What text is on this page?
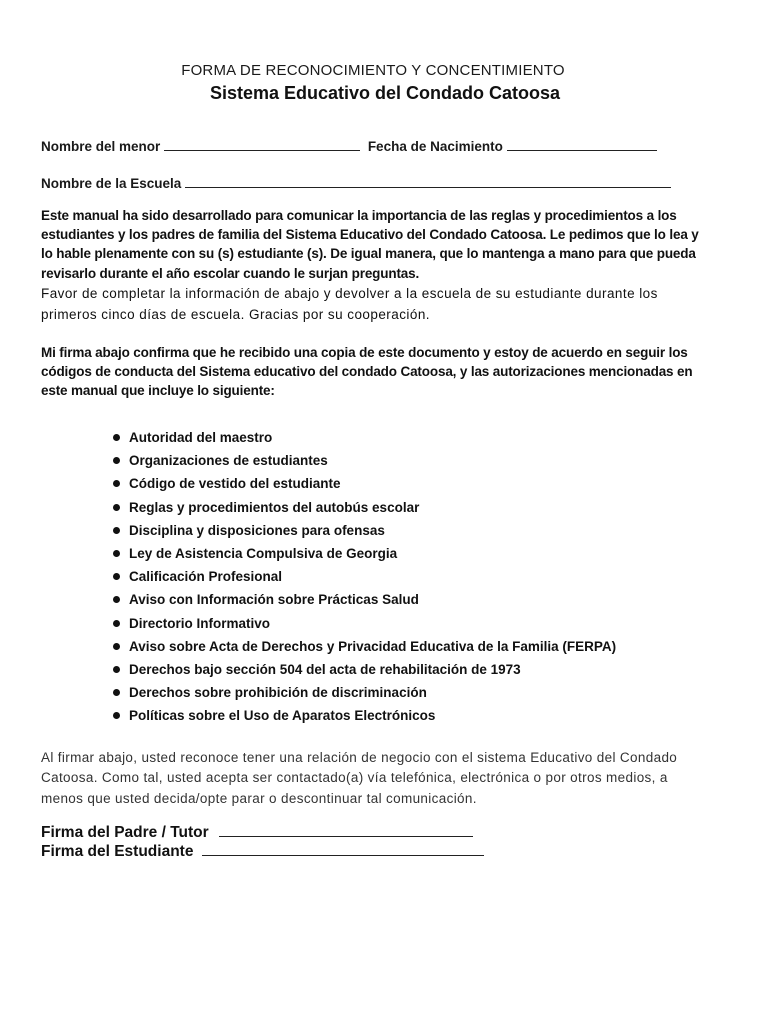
FORMA DE RECONOCIMIENTO Y CONCENTIMIENTO
Sistema Educativo del Condado Catoosa
Nombre del menor	Fecha de Nacimiento
Nombre de la Escuela
Este manual ha sido desarrollado para comunicar la importancia de las reglas y procedimientos a los estudiantes y los padres de familia del Sistema Educativo del Condado Catoosa. Le pedimos que lo lea y lo hable plenamente con su (s) estudiante (s). De igual manera, que lo mantenga a mano para que pueda revisarlo durante el año escolar cuando le surjan preguntas.
Favor de completar la información de abajo y devolver a la escuela de su estudiante durante los primeros cinco días de escuela. Gracias por su cooperación.
Mi firma abajo confirma que he recibido una copia de este documento y estoy de acuerdo en seguir los códigos de conducta del Sistema educativo del condado Catoosa, y las autorizaciones mencionadas en este manual que incluye lo siguiente:
Autoridad del maestro
Organizaciones de estudiantes
Código de vestido del estudiante
Reglas y procedimientos del autobús escolar
Disciplina y disposiciones para ofensas
Ley de Asistencia Compulsiva de Georgia
Calificación Profesional
Aviso con Información sobre Prácticas Salud
Directorio Informativo
Aviso sobre Acta de Derechos y Privacidad Educativa de la Familia (FERPA)
Derechos bajo sección 504 del acta de rehabilitación de 1973
Derechos sobre prohibición de discriminación
Políticas sobre el Uso de Aparatos Electrónicos
Al firmar abajo, usted reconoce tener una relación de negocio con el sistema Educativo del Condado Catoosa. Como tal, usted acepta ser contactado(a) vía telefónica, electrónica o por otros medios, a menos que usted decida/opte parar o descontinuar tal comunicación.
Firma del Padre / Tutor
Firma del Estudiante
